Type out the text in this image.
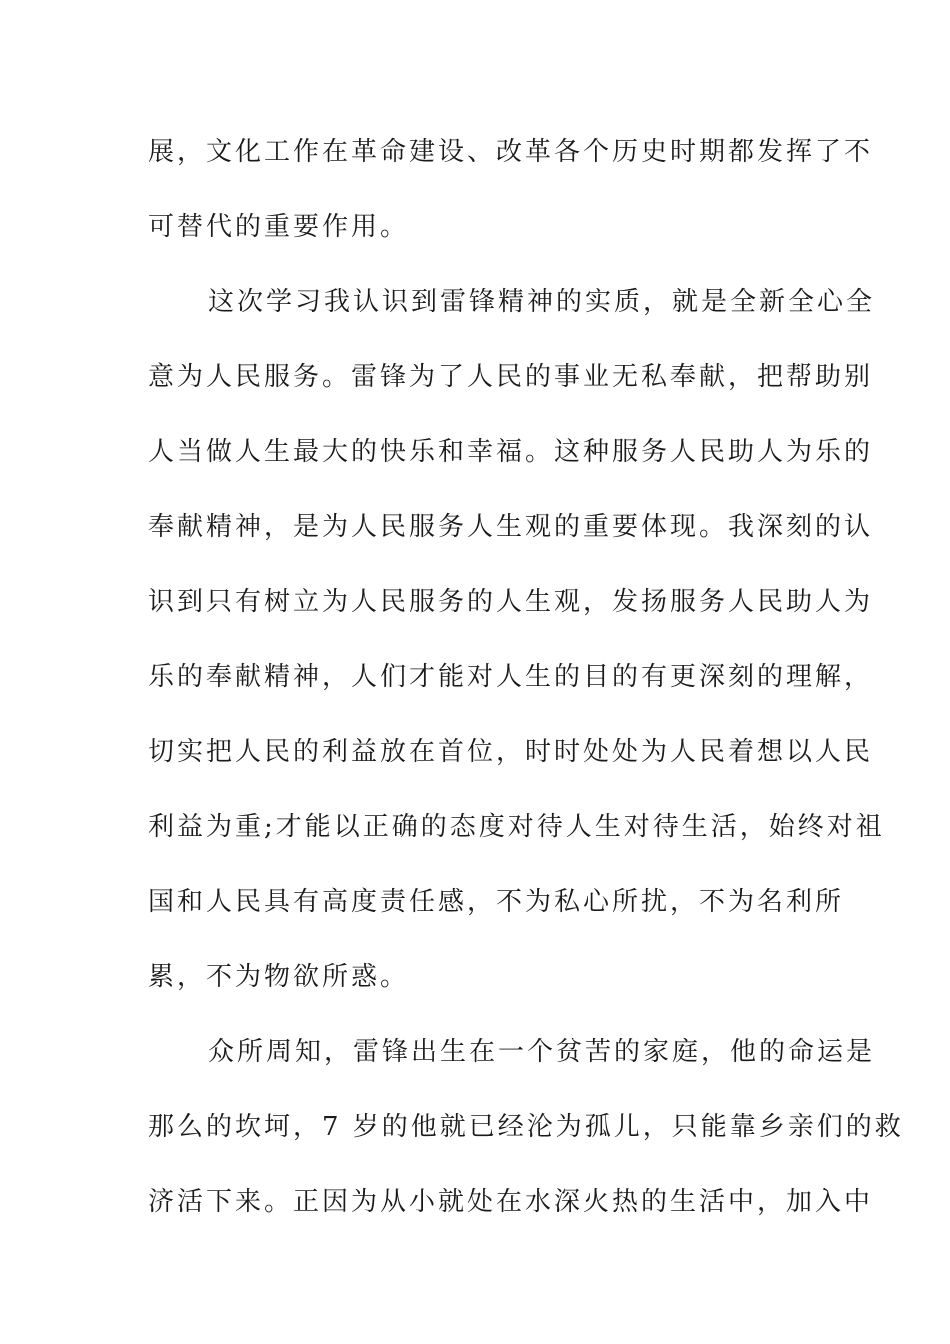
展，文化工作在革命建设、改革各个历史时期都发挥了不
可替代的重要作用。
这次学习我认识到雷锋精神的实质，就是全新全心全
意为人民服务。雷锋为了人民的事业无私奉献，把帮助别
人当做人生最大的快乐和幸福。这种服务人民助人为乐的
奉献精神，是为人民服务人生观的重要体现。我深刻的认
识到只有树立为人民服务的人生观，发扬服务人民助人为
乐的奉献精神，人们才能对人生的目的有更深刻的理解，
切实把人民的利益放在首位，时时处处为人民着想以人民
利益为重;才能以正确的态度对待人生对待生活，始终对祖
国和人民具有高度责任感，不为私心所扰，不为名利所
累，不为物欲所惑。
众所周知，雷锋出生在一个贫苦的家庭，他的命运是
那么的坎坷，7 岁的他就已经沦为孤儿，只能靠乡亲们的救
济活下来。正因为从小就处在水深火热的生活中，加入中
